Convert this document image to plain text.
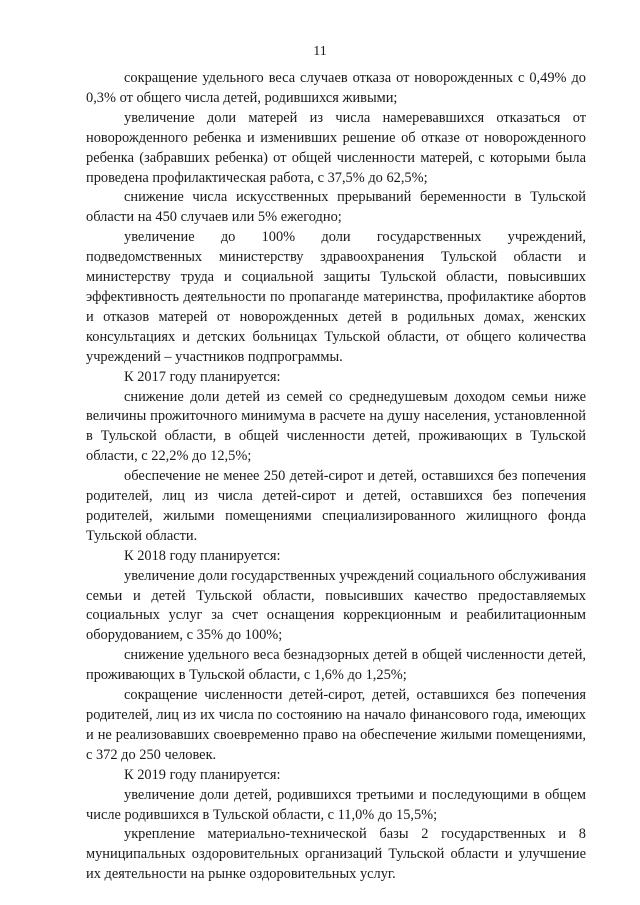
11

сокращение удельного веса случаев отказа от новорожденных с 0,49% до 0,3% от общего числа детей, родившихся живыми;

увеличение доли матерей из числа намеревавшихся отказаться от новорожденного ребенка и изменивших решение об отказе от новорожденного ребенка (забравших ребенка) от общей численности матерей, с которыми была проведена профилактическая работа, с 37,5% до 62,5%;

снижение числа искусственных прерываний беременности в Тульской области на 450 случаев или 5% ежегодно;

увеличение до 100% доли государственных учреждений, подведомственных министерству здравоохранения Тульской области и министерству труда и социальной защиты Тульской области, повысивших эффективность деятельности по пропаганде материнства, профилактике абортов и отказов матерей от новорожденных детей в родильных домах, женских консультациях и детских больницах Тульской области, от общего количества учреждений – участников подпрограммы.

К 2017 году планируется:

снижение доли детей из семей со среднедушевым доходом семьи ниже величины прожиточного минимума в расчете на душу населения, установленной в Тульской области, в общей численности детей, проживающих в Тульской области, с 22,2% до 12,5%;

обеспечение не менее 250 детей-сирот и детей, оставшихся без попечения родителей, лиц из числа детей-сирот и детей, оставшихся без попечения родителей, жилыми помещениями специализированного жилищного фонда Тульской области.

К 2018 году планируется:

увеличение доли государственных учреждений социального обслуживания семьи и детей Тульской области, повысивших качество предоставляемых социальных услуг за счет оснащения коррекционным и реабилитационным оборудованием, с 35% до 100%;

снижение удельного веса безнадзорных детей в общей численности детей, проживающих в Тульской области, с 1,6% до 1,25%;

сокращение численности детей-сирот, детей, оставшихся без попечения родителей, лиц из их числа по состоянию на начало финансового года, имеющих и не реализовавших своевременно право на обеспечение жилыми помещениями, с 372 до 250 человек.

К 2019 году планируется:

увеличение доли детей, родившихся третьими и последующими в общем числе родившихся в Тульской области, с 11,0% до 15,5%;

укрепление материально-технической базы 2 государственных и 8 муниципальных оздоровительных организаций Тульской области и улучшение их деятельности на рынке оздоровительных услуг.
